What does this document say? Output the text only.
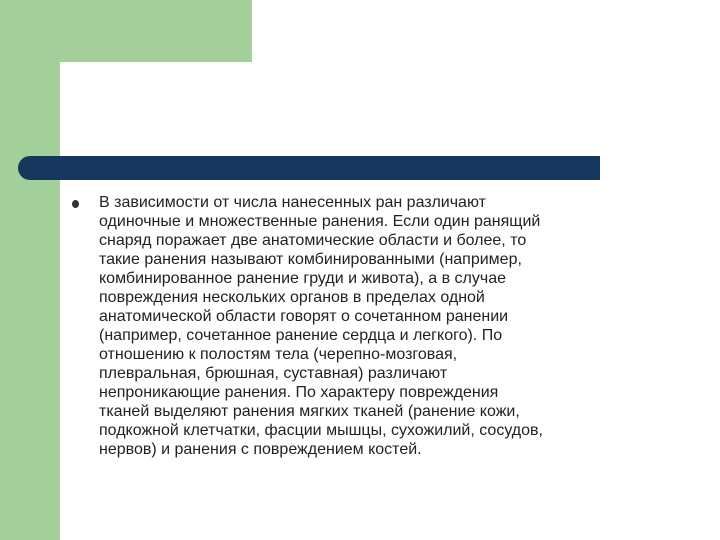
В зависимости от числа нанесенных ран различают
одиночные и множественные ранения. Если один ранящий
снаряд поражает две анатомические области и более, то
такие ранения называют комбинированными (например,
комбинированное ранение груди и живота), а в случае
повреждения нескольких органов в пределах одной
анатомической области говорят о сочетанном ранении
(например, сочетанное ранение сердца и легкого). По
отношению к полостям тела (черепно-мозговая,
плевральная, брюшная, суставная) различают
непроникающие ранения. По характеру повреждения
тканей выделяют ранения мягких тканей (ранение кожи,
подкожной клетчатки, фасции мышцы, сухожилий, сосудов,
нервов) и ранения с повреждением костей.
